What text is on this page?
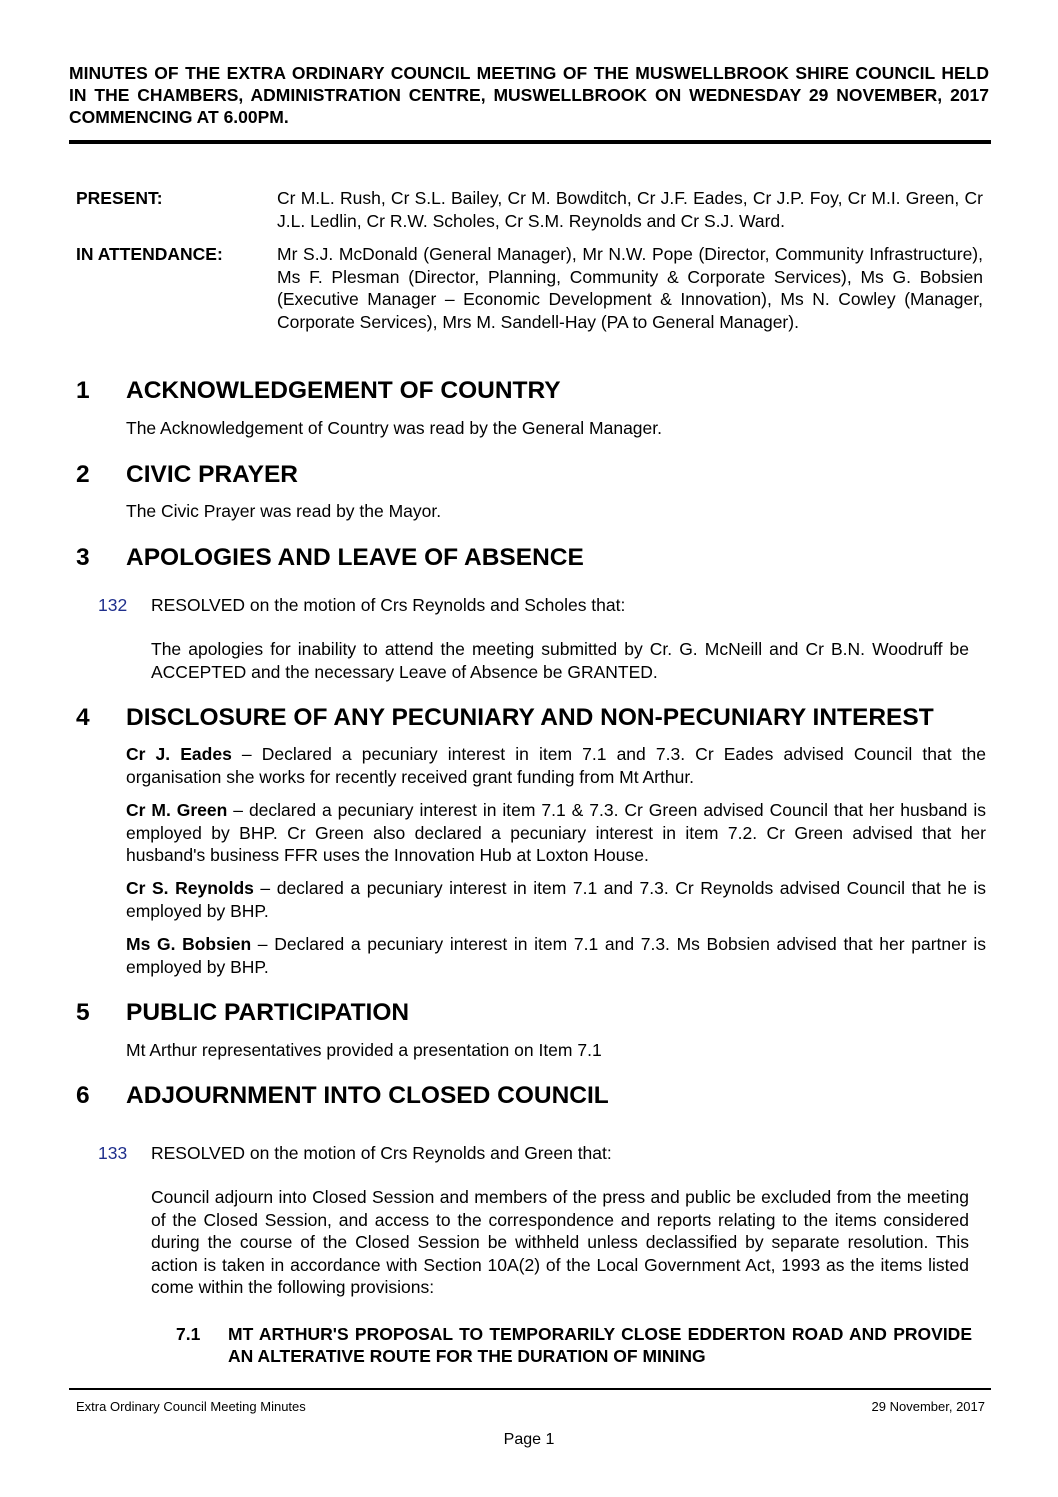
MINUTES OF THE EXTRA ORDINARY COUNCIL MEETING OF THE MUSWELLBROOK SHIRE COUNCIL HELD IN THE CHAMBERS, ADMINISTRATION CENTRE, MUSWELLBROOK ON WEDNESDAY 29 NOVEMBER, 2017 COMMENCING AT 6.00PM.
PRESENT:	Cr M.L. Rush, Cr S.L. Bailey, Cr M. Bowditch, Cr J.F. Eades, Cr J.P. Foy, Cr M.I. Green, Cr J.L. Ledlin, Cr R.W. Scholes, Cr S.M. Reynolds and Cr S.J. Ward.
IN ATTENDANCE:	Mr S.J. McDonald (General Manager), Mr N.W. Pope (Director, Community Infrastructure), Ms F. Plesman (Director, Planning, Community & Corporate Services), Ms G. Bobsien (Executive Manager – Economic Development & Innovation), Ms N. Cowley (Manager, Corporate Services), Mrs M. Sandell-Hay (PA to General Manager).
1 ACKNOWLEDGEMENT OF COUNTRY
The Acknowledgement of Country was read by the General Manager.
2 CIVIC PRAYER
The Civic Prayer was read by the Mayor.
3 APOLOGIES AND LEAVE OF ABSENCE
132 RESOLVED on the motion of Crs Reynolds and Scholes that:
The apologies for inability to attend the meeting submitted by Cr. G. McNeill and Cr B.N. Woodruff be ACCEPTED and the necessary Leave of Absence be GRANTED.
4 DISCLOSURE OF ANY PECUNIARY AND NON-PECUNIARY INTEREST
Cr J. Eades – Declared a pecuniary interest in item 7.1 and 7.3. Cr Eades advised Council that the organisation she works for recently received grant funding from Mt Arthur.
Cr M. Green – declared a pecuniary interest in item 7.1 & 7.3. Cr Green advised Council that her husband is employed by BHP. Cr Green also declared a pecuniary interest in item 7.2. Cr Green advised that her husband's business FFR uses the Innovation Hub at Loxton House.
Cr S. Reynolds – declared a pecuniary interest in item 7.1 and 7.3. Cr Reynolds advised Council that he is employed by BHP.
Ms G. Bobsien – Declared a pecuniary interest in item 7.1 and 7.3. Ms Bobsien advised that her partner is employed by BHP.
5 PUBLIC PARTICIPATION
Mt Arthur representatives provided a presentation on Item 7.1
6 ADJOURNMENT INTO CLOSED COUNCIL
133 RESOLVED on the motion of Crs Reynolds and Green that:
Council adjourn into Closed Session and members of the press and public be excluded from the meeting of the Closed Session, and access to the correspondence and reports relating to the items considered during the course of the Closed Session be withheld unless declassified by separate resolution. This action is taken in accordance with Section 10A(2) of the Local Government Act, 1993 as the items listed come within the following provisions:
7.1 MT ARTHUR'S PROPOSAL TO TEMPORARILY CLOSE EDDERTON ROAD AND PROVIDE AN ALTERATIVE ROUTE FOR THE DURATION OF MINING
Extra Ordinary Council Meeting Minutes	29 November, 2017
Page 1
